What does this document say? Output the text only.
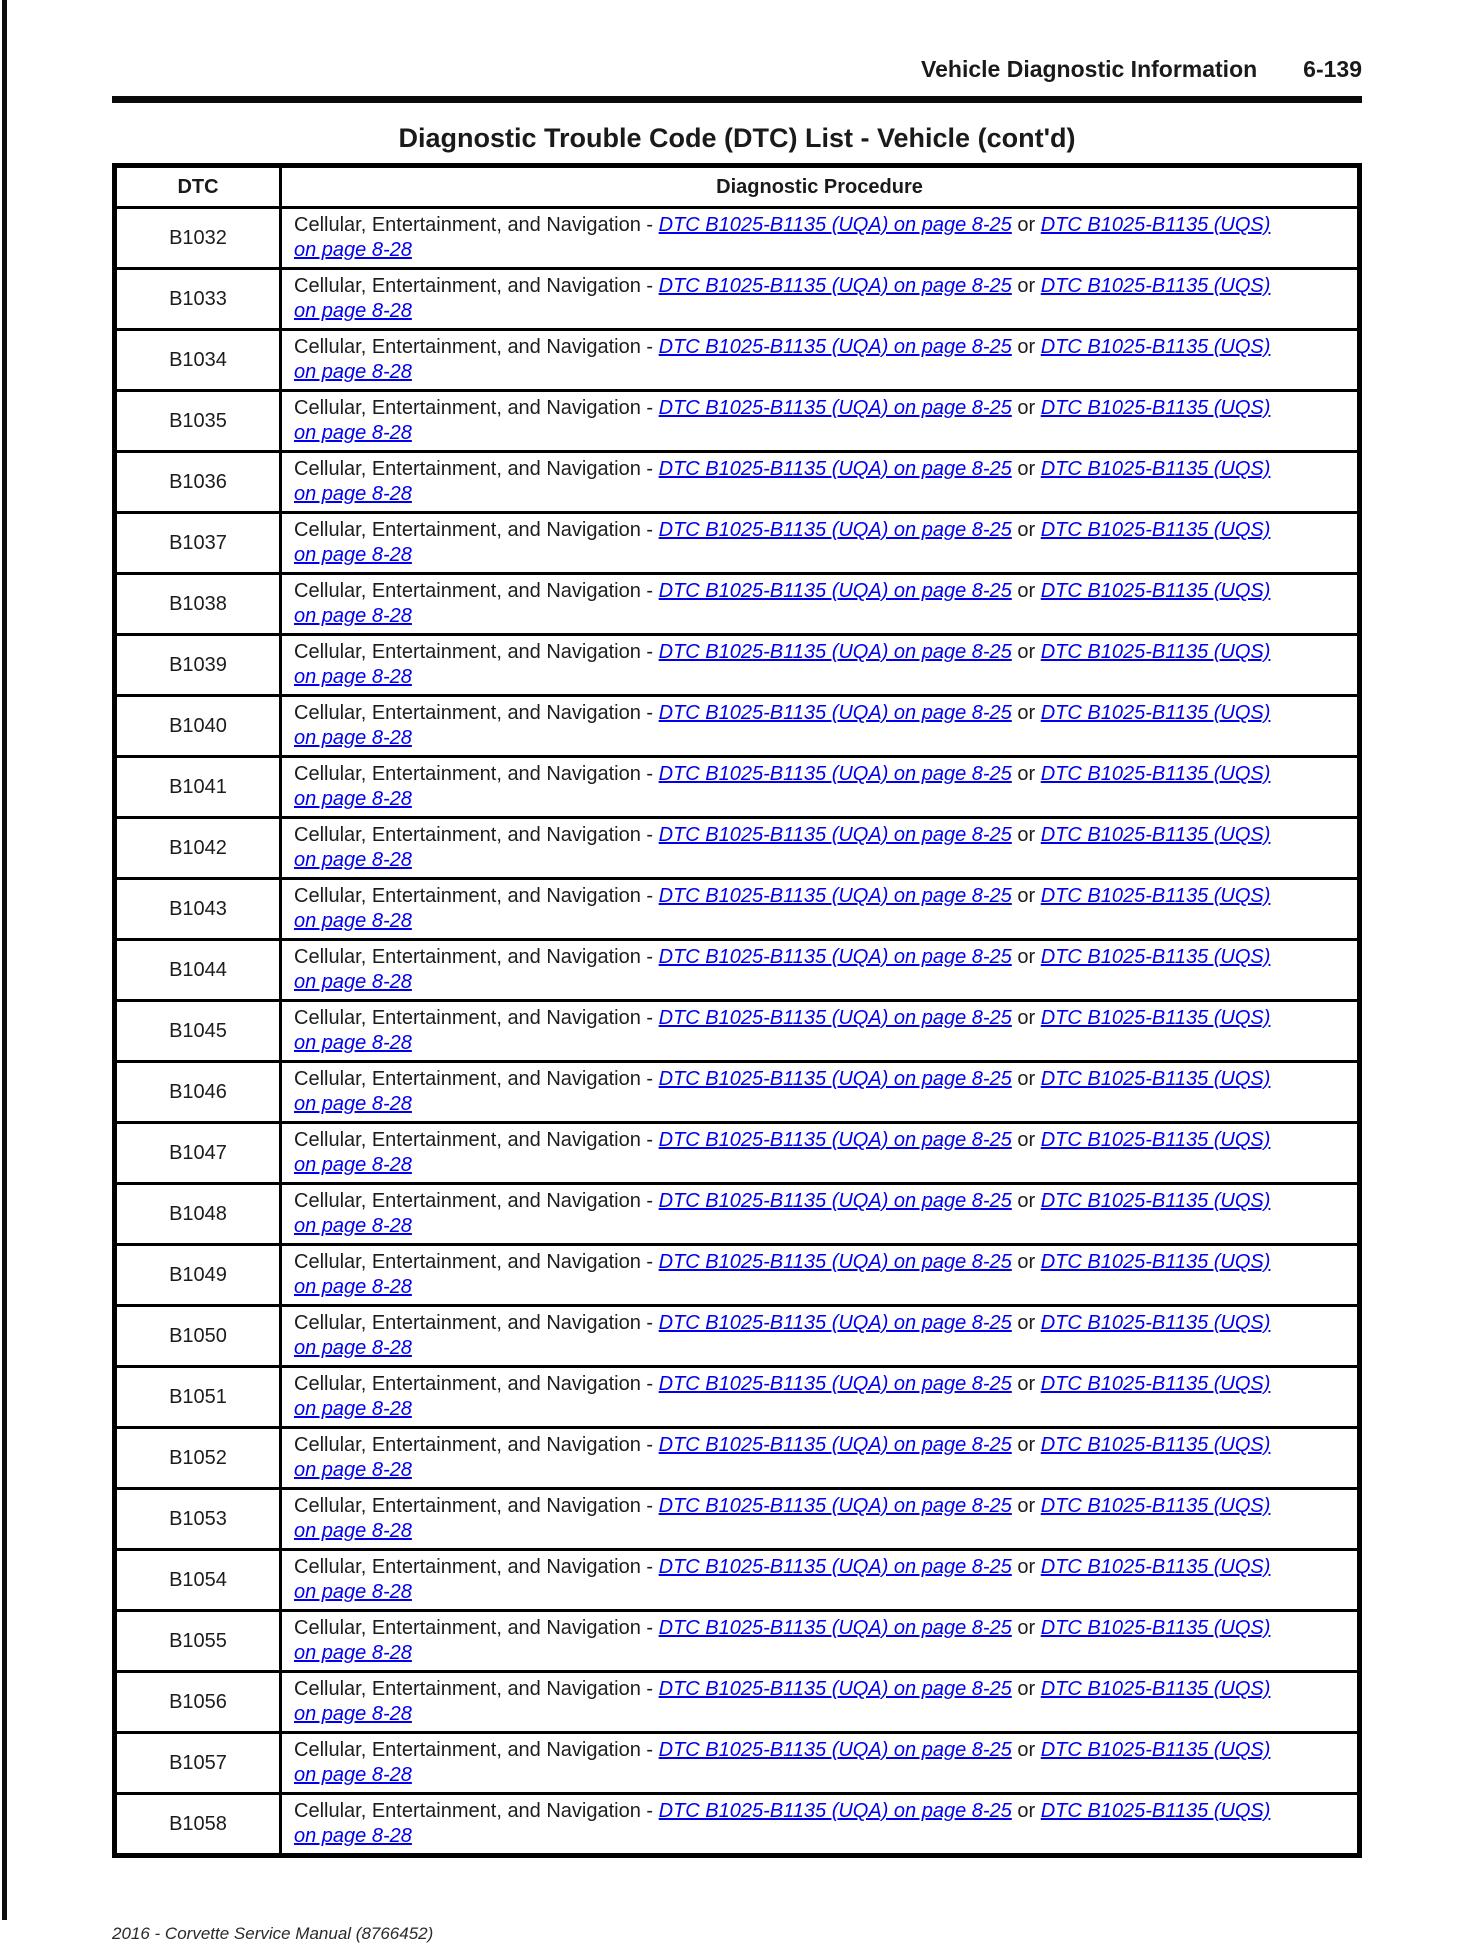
Vehicle Diagnostic Information 6-139
Diagnostic Trouble Code (DTC) List - Vehicle (cont'd)
DTC	Diagnostic Procedure
B1032	Cellular, Entertainment, and Navigation - DTC B1025-B1135 (UQA) on page 8-25 or DTC B1025-B1135 (UQS)
on page 8-28
B1033	Cellular, Entertainment, and Navigation - DTC B1025-B1135 (UQA) on page 8-25 or DTC B1025-B1135 (UQS)
on page 8-28
B1034	Cellular, Entertainment, and Navigation - DTC B1025-B1135 (UQA) on page 8-25 or DTC B1025-B1135 (UQS)
on page 8-28
B1035	Cellular, Entertainment, and Navigation - DTC B1025-B1135 (UQA) on page 8-25 or DTC B1025-B1135 (UQS)
on page 8-28
B1036	Cellular, Entertainment, and Navigation - DTC B1025-B1135 (UQA) on page 8-25 or DTC B1025-B1135 (UQS)
on page 8-28
B1037	Cellular, Entertainment, and Navigation - DTC B1025-B1135 (UQA) on page 8-25 or DTC B1025-B1135 (UQS)
on page 8-28
B1038	Cellular, Entertainment, and Navigation - DTC B1025-B1135 (UQA) on page 8-25 or DTC B1025-B1135 (UQS)
on page 8-28
B1039	Cellular, Entertainment, and Navigation - DTC B1025-B1135 (UQA) on page 8-25 or DTC B1025-B1135 (UQS)
on page 8-28
B1040	Cellular, Entertainment, and Navigation - DTC B1025-B1135 (UQA) on page 8-25 or DTC B1025-B1135 (UQS)
on page 8-28
B1041	Cellular, Entertainment, and Navigation - DTC B1025-B1135 (UQA) on page 8-25 or DTC B1025-B1135 (UQS)
on page 8-28
B1042	Cellular, Entertainment, and Navigation - DTC B1025-B1135 (UQA) on page 8-25 or DTC B1025-B1135 (UQS)
on page 8-28
B1043	Cellular, Entertainment, and Navigation - DTC B1025-B1135 (UQA) on page 8-25 or DTC B1025-B1135 (UQS)
on page 8-28
B1044	Cellular, Entertainment, and Navigation - DTC B1025-B1135 (UQA) on page 8-25 or DTC B1025-B1135 (UQS)
on page 8-28
B1045	Cellular, Entertainment, and Navigation - DTC B1025-B1135 (UQA) on page 8-25 or DTC B1025-B1135 (UQS)
on page 8-28
B1046	Cellular, Entertainment, and Navigation - DTC B1025-B1135 (UQA) on page 8-25 or DTC B1025-B1135 (UQS)
on page 8-28
B1047	Cellular, Entertainment, and Navigation - DTC B1025-B1135 (UQA) on page 8-25 or DTC B1025-B1135 (UQS)
on page 8-28
B1048	Cellular, Entertainment, and Navigation - DTC B1025-B1135 (UQA) on page 8-25 or DTC B1025-B1135 (UQS)
on page 8-28
B1049	Cellular, Entertainment, and Navigation - DTC B1025-B1135 (UQA) on page 8-25 or DTC B1025-B1135 (UQS)
on page 8-28
B1050	Cellular, Entertainment, and Navigation - DTC B1025-B1135 (UQA) on page 8-25 or DTC B1025-B1135 (UQS)
on page 8-28
B1051	Cellular, Entertainment, and Navigation - DTC B1025-B1135 (UQA) on page 8-25 or DTC B1025-B1135 (UQS)
on page 8-28
B1052	Cellular, Entertainment, and Navigation - DTC B1025-B1135 (UQA) on page 8-25 or DTC B1025-B1135 (UQS)
on page 8-28
B1053	Cellular, Entertainment, and Navigation - DTC B1025-B1135 (UQA) on page 8-25 or DTC B1025-B1135 (UQS)
on page 8-28
B1054	Cellular, Entertainment, and Navigation - DTC B1025-B1135 (UQA) on page 8-25 or DTC B1025-B1135 (UQS)
on page 8-28
B1055	Cellular, Entertainment, and Navigation - DTC B1025-B1135 (UQA) on page 8-25 or DTC B1025-B1135 (UQS)
on page 8-28
B1056	Cellular, Entertainment, and Navigation - DTC B1025-B1135 (UQA) on page 8-25 or DTC B1025-B1135 (UQS)
on page 8-28
B1057	Cellular, Entertainment, and Navigation - DTC B1025-B1135 (UQA) on page 8-25 or DTC B1025-B1135 (UQS)
on page 8-28
B1058	Cellular, Entertainment, and Navigation - DTC B1025-B1135 (UQA) on page 8-25 or DTC B1025-B1135 (UQS)
on page 8-28
2016 - Corvette Service Manual (8766452)
